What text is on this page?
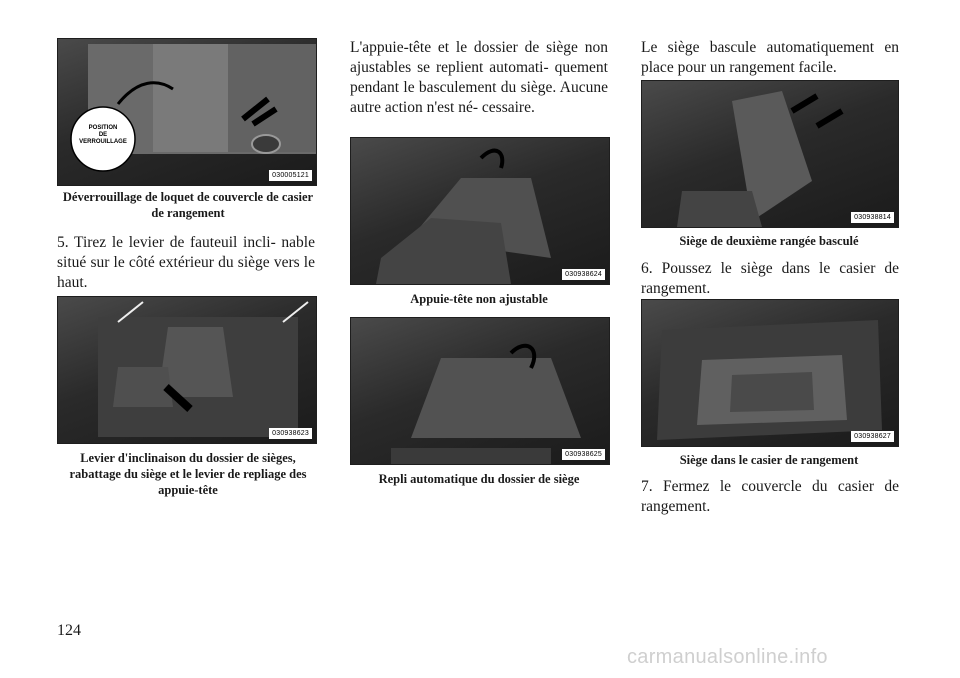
POSITION
DE
VERROUILLAGE
030005121
Déverrouillage de loquet de couvercle de casier de rangement
5. Tirez le levier de fauteuil incli- nable situé sur le côté extérieur du siège vers le haut.
030938623
Levier d'inclinaison du dossier de sièges, rabattage du siège et le levier de repliage des appuie-tête
L'appuie-tête et le dossier de siège non ajustables se replient automati- quement pendant le basculement du siège. Aucune autre action n'est né- cessaire.
030938624
Appuie-tête non ajustable
030938625
Repli automatique du dossier de siège
Le siège bascule automatiquement en place pour un rangement facile.
030938814
Siège de deuxième rangée basculé
6. Poussez le siège dans le casier de rangement.
030938627
Siège dans le casier de rangement
7. Fermez le couvercle du casier de rangement.
124
carmanualsonline.info
